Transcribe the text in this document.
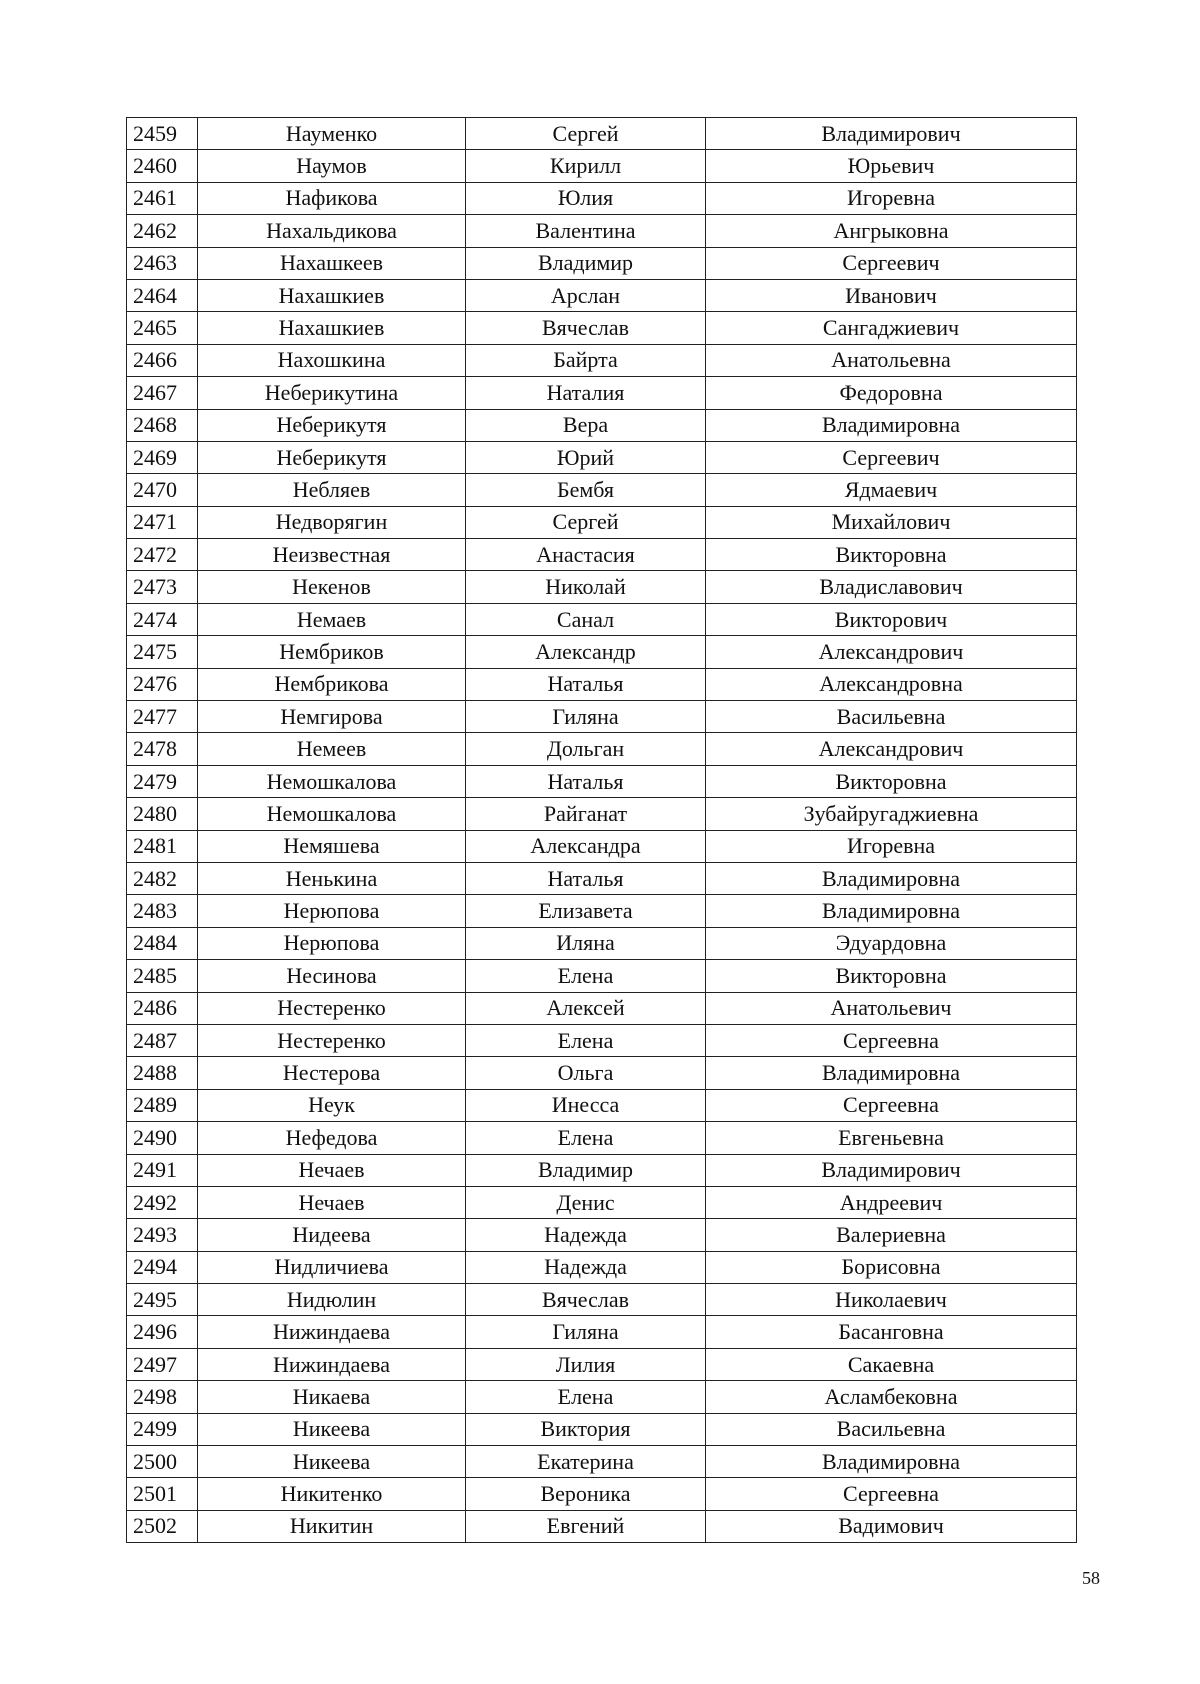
2459	Науменко	Сергей	Владимирович
2460	Наумов	Кирилл	Юрьевич
2461	Нафикова	Юлия	Игоревна
2462	Нахальдикова	Валентина	Ангрыковна
2463	Нахашкеев	Владимир	Сергеевич
2464	Нахашкиев	Арслан	Иванович
2465	Нахашкиев	Вячеслав	Сангаджиевич
2466	Нахошкина	Байрта	Анатольевна
2467	Неберикутина	Наталия	Федоровна
2468	Неберикутя	Вера	Владимировна
2469	Неберикутя	Юрий	Сергеевич
2470	Небляев	Бембя	Ядмаевич
2471	Недворягин	Сергей	Михайлович
2472	Неизвестная	Анастасия	Викторовна
2473	Некенов	Николай	Владиславович
2474	Немаев	Санал	Викторович
2475	Нембриков	Александр	Александрович
2476	Нембрикова	Наталья	Александровна
2477	Немгирова	Гиляна	Васильевна
2478	Немеев	Дольган	Александрович
2479	Немошкалова	Наталья	Викторовна
2480	Немошкалова	Райганат	Зубайругаджиевна
2481	Немяшева	Александра	Игоревна
2482	Ненькина	Наталья	Владимировна
2483	Нерюпова	Елизавета	Владимировна
2484	Нерюпова	Иляна	Эдуардовна
2485	Несинова	Елена	Викторовна
2486	Нестеренко	Алексей	Анатольевич
2487	Нестеренко	Елена	Сергеевна
2488	Нестерова	Ольга	Владимировна
2489	Неук	Инесса	Сергеевна
2490	Нефедова	Елена	Евгеньевна
2491	Нечаев	Владимир	Владимирович
2492	Нечаев	Денис	Андреевич
2493	Нидеева	Надежда	Валериевна
2494	Нидличиева	Надежда	Борисовна
2495	Нидюлин	Вячеслав	Николаевич
2496	Нижиндаева	Гиляна	Басанговна
2497	Нижиндаева	Лилия	Сакаевна
2498	Никаева	Елена	Асламбековна
2499	Никеева	Виктория	Васильевна
2500	Никеева	Екатерина	Владимировна
2501	Никитенко	Вероника	Сергеевна
2502	Никитин	Евгений	Вадимович
58
